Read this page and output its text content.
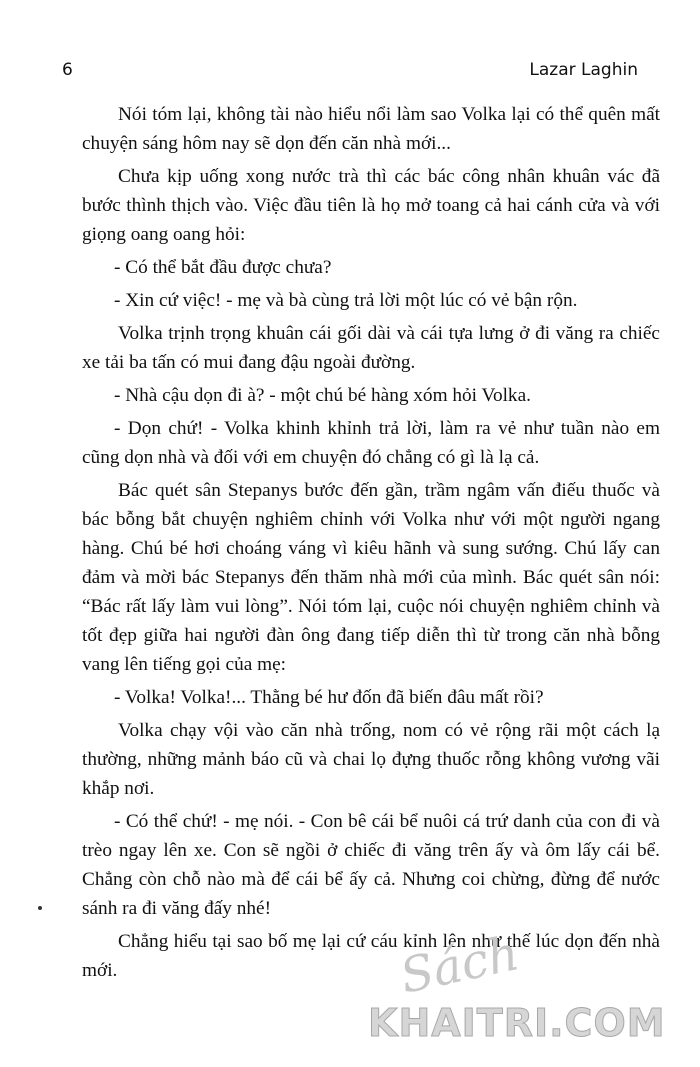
6	Lazar Laghin

Nói tóm lại, không tài nào hiểu nổi làm sao Volka lại có thể quên mất chuyện sáng hôm nay sẽ dọn đến căn nhà mới...

Chưa kịp uống xong nước trà thì các bác công nhân khuân vác đã bước thình thịch vào. Việc đầu tiên là họ mở toang cả hai cánh cửa và với giọng oang oang hỏi:

- Có thể bắt đầu được chưa?

- Xin cứ việc! - mẹ và bà cùng trả lời một lúc có vẻ bận rộn.

Volka trịnh trọng khuân cái gối dài và cái tựa lưng ở đi văng ra chiếc xe tải ba tấn có mui đang đậu ngoài đường.

- Nhà cậu dọn đi à? - một chú bé hàng xóm hỏi Volka.

- Dọn chứ! - Volka khinh khỉnh trả lời, làm ra vẻ như tuần nào em cũng dọn nhà và đối với em chuyện đó chẳng có gì là lạ cả.

Bác quét sân Stepanys bước đến gần, trầm ngâm vấn điếu thuốc và bác bỗng bắt chuyện nghiêm chỉnh với Volka như với một người ngang hàng. Chú bé hơi choáng váng vì kiêu hãnh và sung sướng. Chú lấy can đảm và mời bác Stepanys đến thăm nhà mới của mình. Bác quét sân nói: “Bác rất lấy làm vui lòng”. Nói tóm lại, cuộc nói chuyện nghiêm chỉnh và tốt đẹp giữa hai người đàn ông đang tiếp diễn thì từ trong căn nhà bỗng vang lên tiếng gọi của mẹ:

- Volka! Volka!... Thằng bé hư đốn đã biến đâu mất rồi?

Volka chạy vội vào căn nhà trống, nom có vẻ rộng rãi một cách lạ thường, những mảnh báo cũ và chai lọ đựng thuốc rỗng không vương vãi khắp nơi.

- Có thể chứ! - mẹ nói. - Con bê cái bể nuôi cá trứ danh của con đi và trèo ngay lên xe. Con sẽ ngồi ở chiếc đi văng trên ấy và ôm lấy cái bể. Chẳng còn chỗ nào mà để cái bể ấy cả. Nhưng coi chừng, đừng để nước sánh ra đi văng đấy nhé!

Chẳng hiểu tại sao bố mẹ lại cứ cáu kỉnh lên như thế lúc dọn đến nhà mới.	Sách
KHAITRI.COM
